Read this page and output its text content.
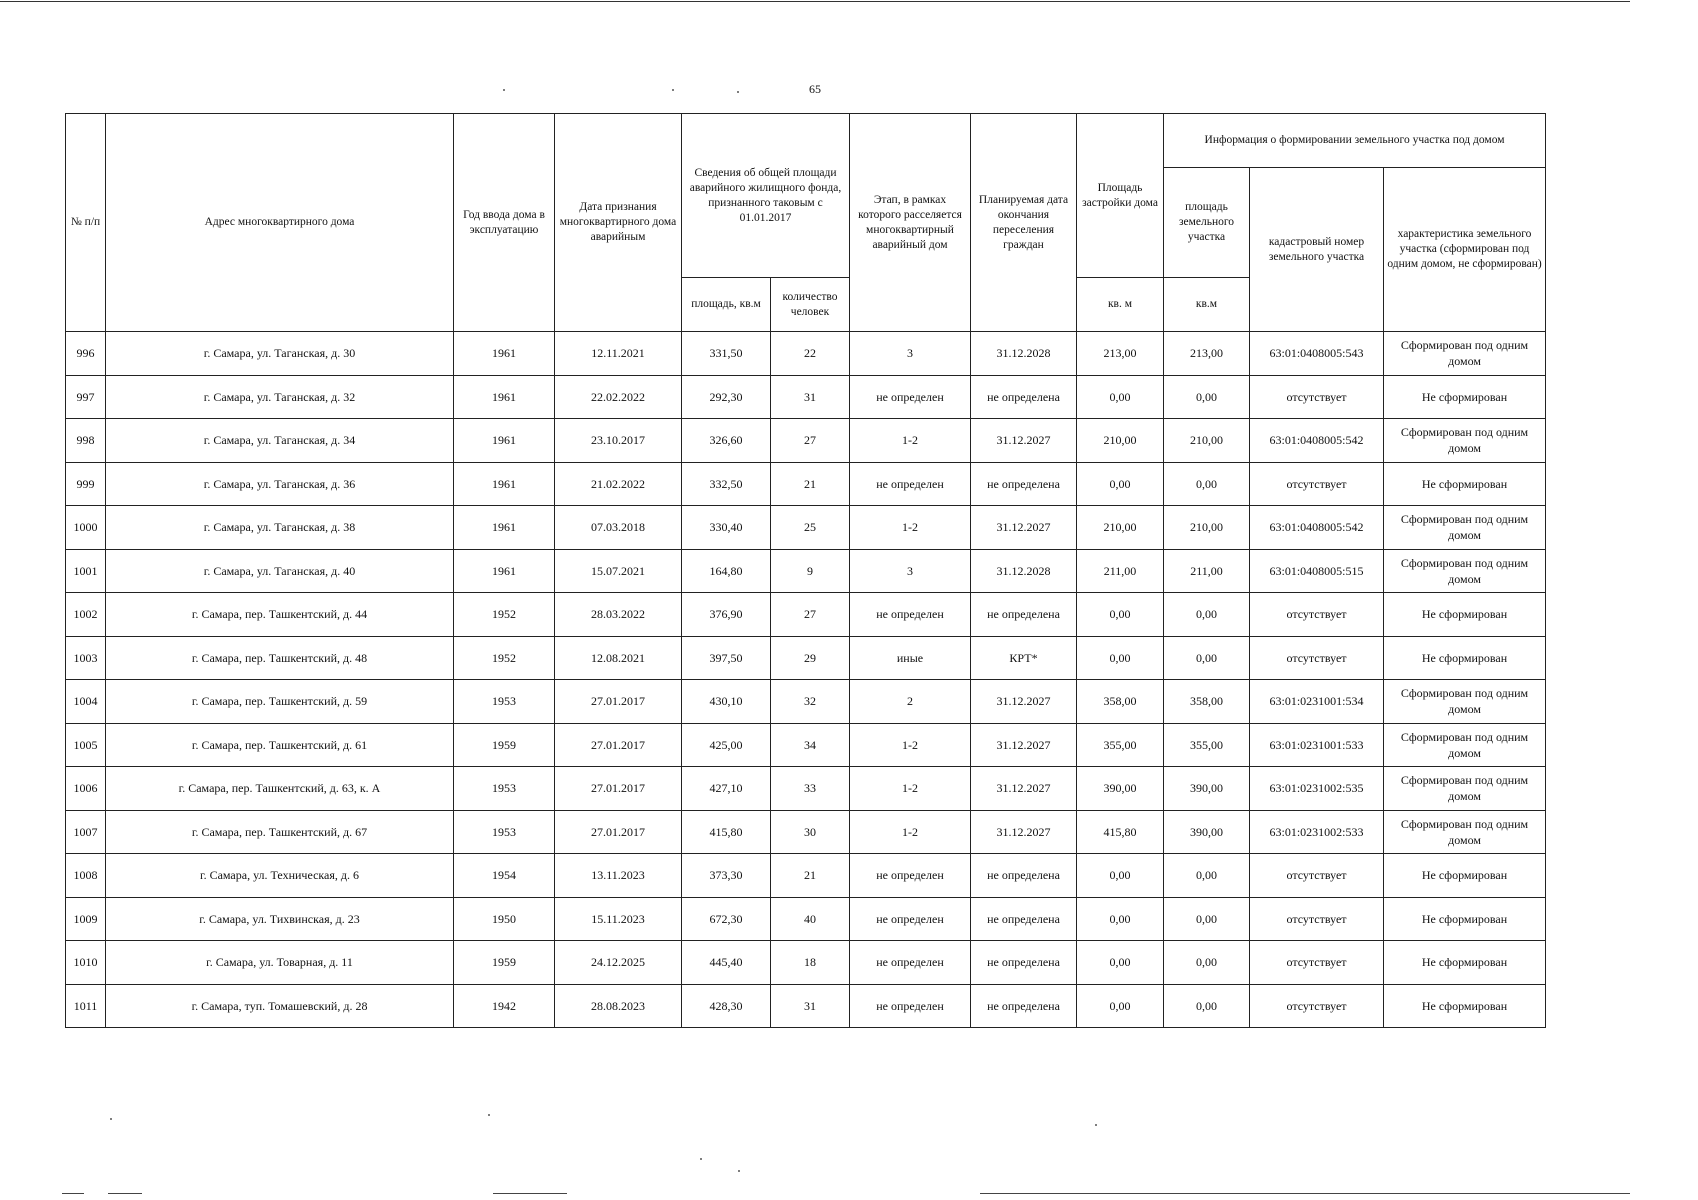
65
№ п/п	Адрес многоквартирного дома	Год ввода дома в эксплуатацию	Дата признания многоквартирного дома аварийным	Сведения об общей площади аварийного жилищного фонда, признанного таковым с 01.01.2017		Этап, в рамках которого расселяется многоквартирный аварийный дом	Планируемая дата окончания переселения граждан	Площадь застройки дома	Информация о формировании земельного участка под домом		
									площадь земельного участка	кадастровый номер земельного участка	характеристика земельного участка (сформирован под одним домом, не сформирован)
				площадь, кв.м	количество человек			кв. м	кв.м		
996	г. Самара, ул. Таганская, д. 30	1961	12.11.2021	331,50	22	3	31.12.2028	213,00	213,00	63:01:0408005:543	Сформирован под одним домом
997	г. Самара, ул. Таганская, д. 32	1961	22.02.2022	292,30	31	не определен	не определена	0,00	0,00	отсутствует	Не сформирован
998	г. Самара, ул. Таганская, д. 34	1961	23.10.2017	326,60	27	1-2	31.12.2027	210,00	210,00	63:01:0408005:542	Сформирован под одним домом
999	г. Самара, ул. Таганская, д. 36	1961	21.02.2022	332,50	21	не определен	не определена	0,00	0,00	отсутствует	Не сформирован
1000	г. Самара, ул. Таганская, д. 38	1961	07.03.2018	330,40	25	1-2	31.12.2027	210,00	210,00	63:01:0408005:542	Сформирован под одним домом
1001	г. Самара, ул. Таганская, д. 40	1961	15.07.2021	164,80	9	3	31.12.2028	211,00	211,00	63:01:0408005:515	Сформирован под одним домом
1002	г. Самара, пер. Ташкентский, д. 44	1952	28.03.2022	376,90	27	не определен	не определена	0,00	0,00	отсутствует	Не сформирован
1003	г. Самара, пер. Ташкентский, д. 48	1952	12.08.2021	397,50	29	иные	КРТ*	0,00	0,00	отсутствует	Не сформирован
1004	г. Самара, пер. Ташкентский, д. 59	1953	27.01.2017	430,10	32	2	31.12.2027	358,00	358,00	63:01:0231001:534	Сформирован под одним домом
1005	г. Самара, пер. Ташкентский, д. 61	1959	27.01.2017	425,00	34	1-2	31.12.2027	355,00	355,00	63:01:0231001:533	Сформирован под одним домом
1006	г. Самара, пер. Ташкентский, д. 63, к. А	1953	27.01.2017	427,10	33	1-2	31.12.2027	390,00	390,00	63:01:0231002:535	Сформирован под одним домом
1007	г. Самара, пер. Ташкентский, д. 67	1953	27.01.2017	415,80	30	1-2	31.12.2027	415,80	390,00	63:01:0231002:533	Сформирован под одним домом
1008	г. Самара, ул. Техническая, д. 6	1954	13.11.2023	373,30	21	не определен	не определена	0,00	0,00	отсутствует	Не сформирован
1009	г. Самара, ул. Тихвинская, д. 23	1950	15.11.2023	672,30	40	не определен	не определена	0,00	0,00	отсутствует	Не сформирован
1010	г. Самара, ул. Товарная, д. 11	1959	24.12.2025	445,40	18	не определен	не определена	0,00	0,00	отсутствует	Не сформирован
1011	г. Самара, туп. Томашевский, д. 28	1942	28.08.2023	428,30	31	не определен	не определена	0,00	0,00	отсутствует	Не сформирован
